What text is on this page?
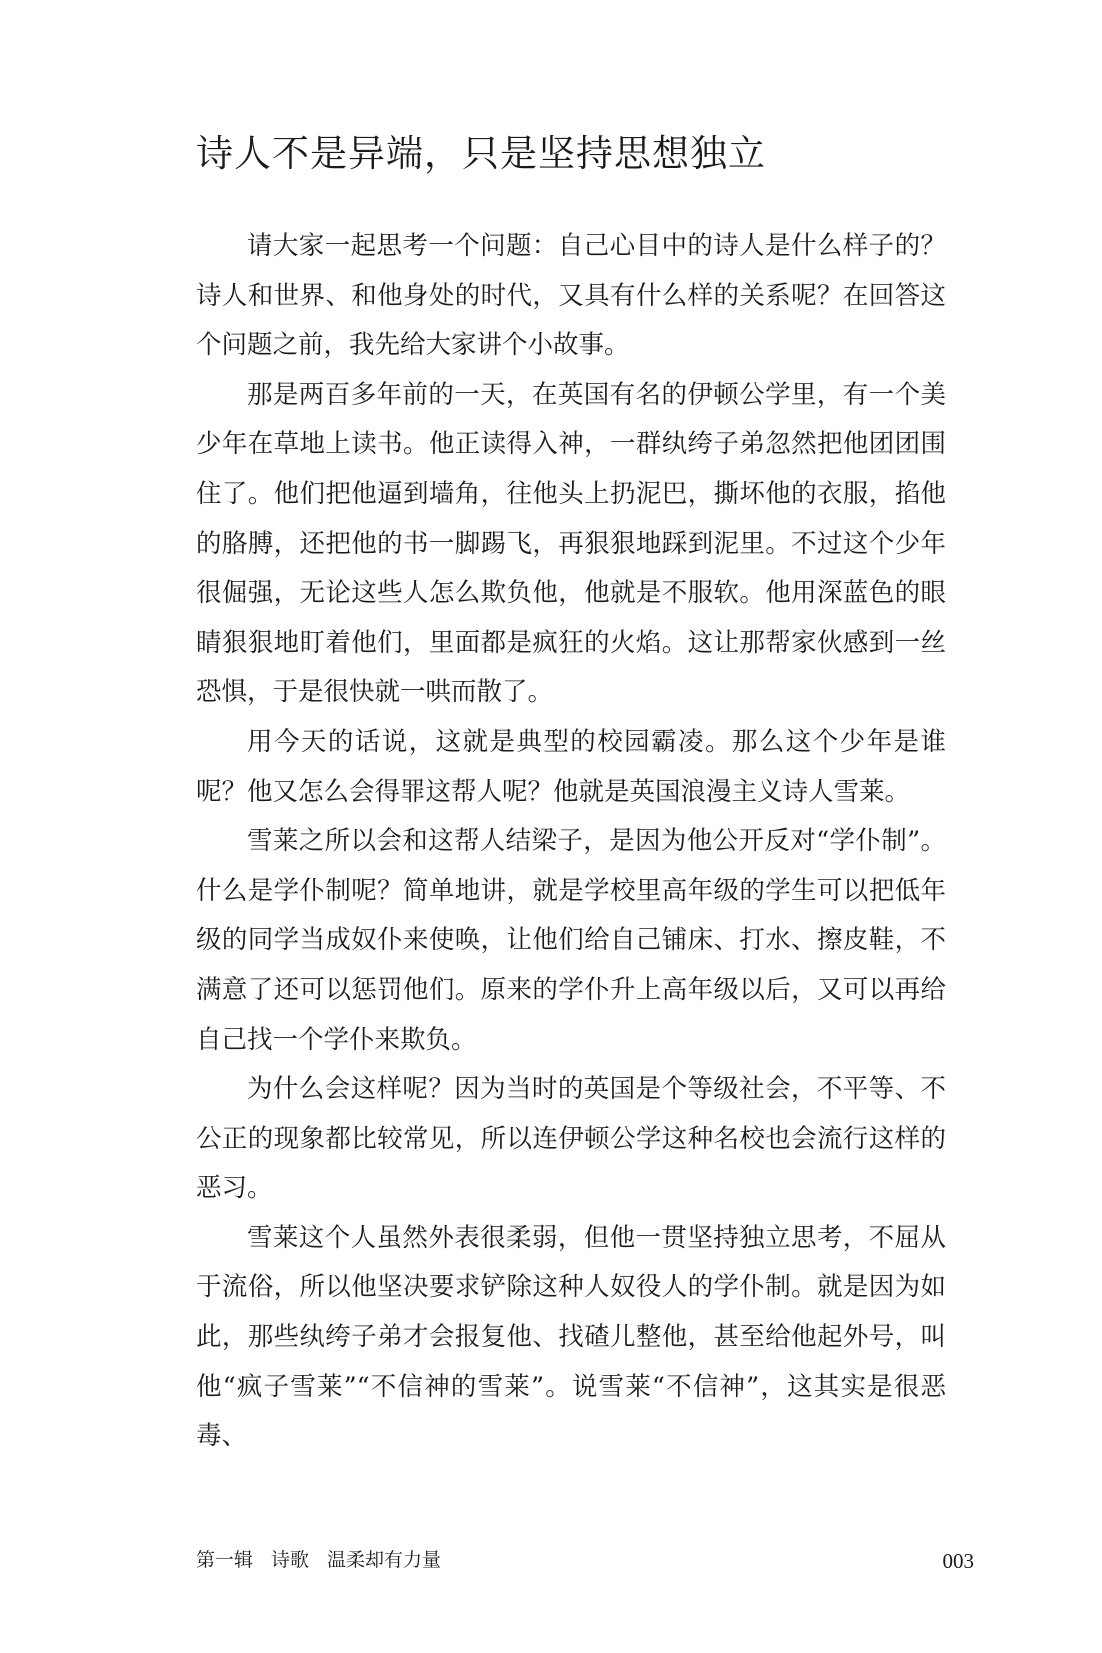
诗人不是异端，只是坚持思想独立

请大家一起思考一个问题：自己心目中的诗人是什么样子的？诗人和世界、和他身处的时代，又具有什么样的关系呢？在回答这个问题之前，我先给大家讲个小故事。

那是两百多年前的一天，在英国有名的伊顿公学里，有一个美少年在草地上读书。他正读得入神，一群纨绔子弟忽然把他团团围住了。他们把他逼到墙角，往他头上扔泥巴，撕坏他的衣服，掐他的胳膊，还把他的书一脚踢飞，再狠狠地踩到泥里。不过这个少年很倔强，无论这些人怎么欺负他，他就是不服软。他用深蓝色的眼睛狠狠地盯着他们，里面都是疯狂的火焰。这让那帮家伙感到一丝恐惧，于是很快就一哄而散了。

用今天的话说，这就是典型的校园霸凌。那么这个少年是谁呢？他又怎么会得罪这帮人呢？他就是英国浪漫主义诗人雪莱。

雪莱之所以会和这帮人结梁子，是因为他公开反对“学仆制”。什么是学仆制呢？简单地讲，就是学校里高年级的学生可以把低年级的同学当成奴仆来使唤，让他们给自己铺床、打水、擦皮鞋，不满意了还可以惩罚他们。原来的学仆升上高年级以后，又可以再给自己找一个学仆来欺负。

为什么会这样呢？因为当时的英国是个等级社会，不平等、不公正的现象都比较常见，所以连伊顿公学这种名校也会流行这样的恶习。

雪莱这个人虽然外表很柔弱，但他一贯坚持独立思考，不屈从于流俗，所以他坚决要求铲除这种人奴役人的学仆制。就是因为如此，那些纨绔子弟才会报复他、找碴儿整他，甚至给他起外号，叫他“疯子雪莱”“不信神的雪莱”。说雪莱“不信神”，这其实是很恶毒、

第一辑 诗歌 温柔却有力量	003
